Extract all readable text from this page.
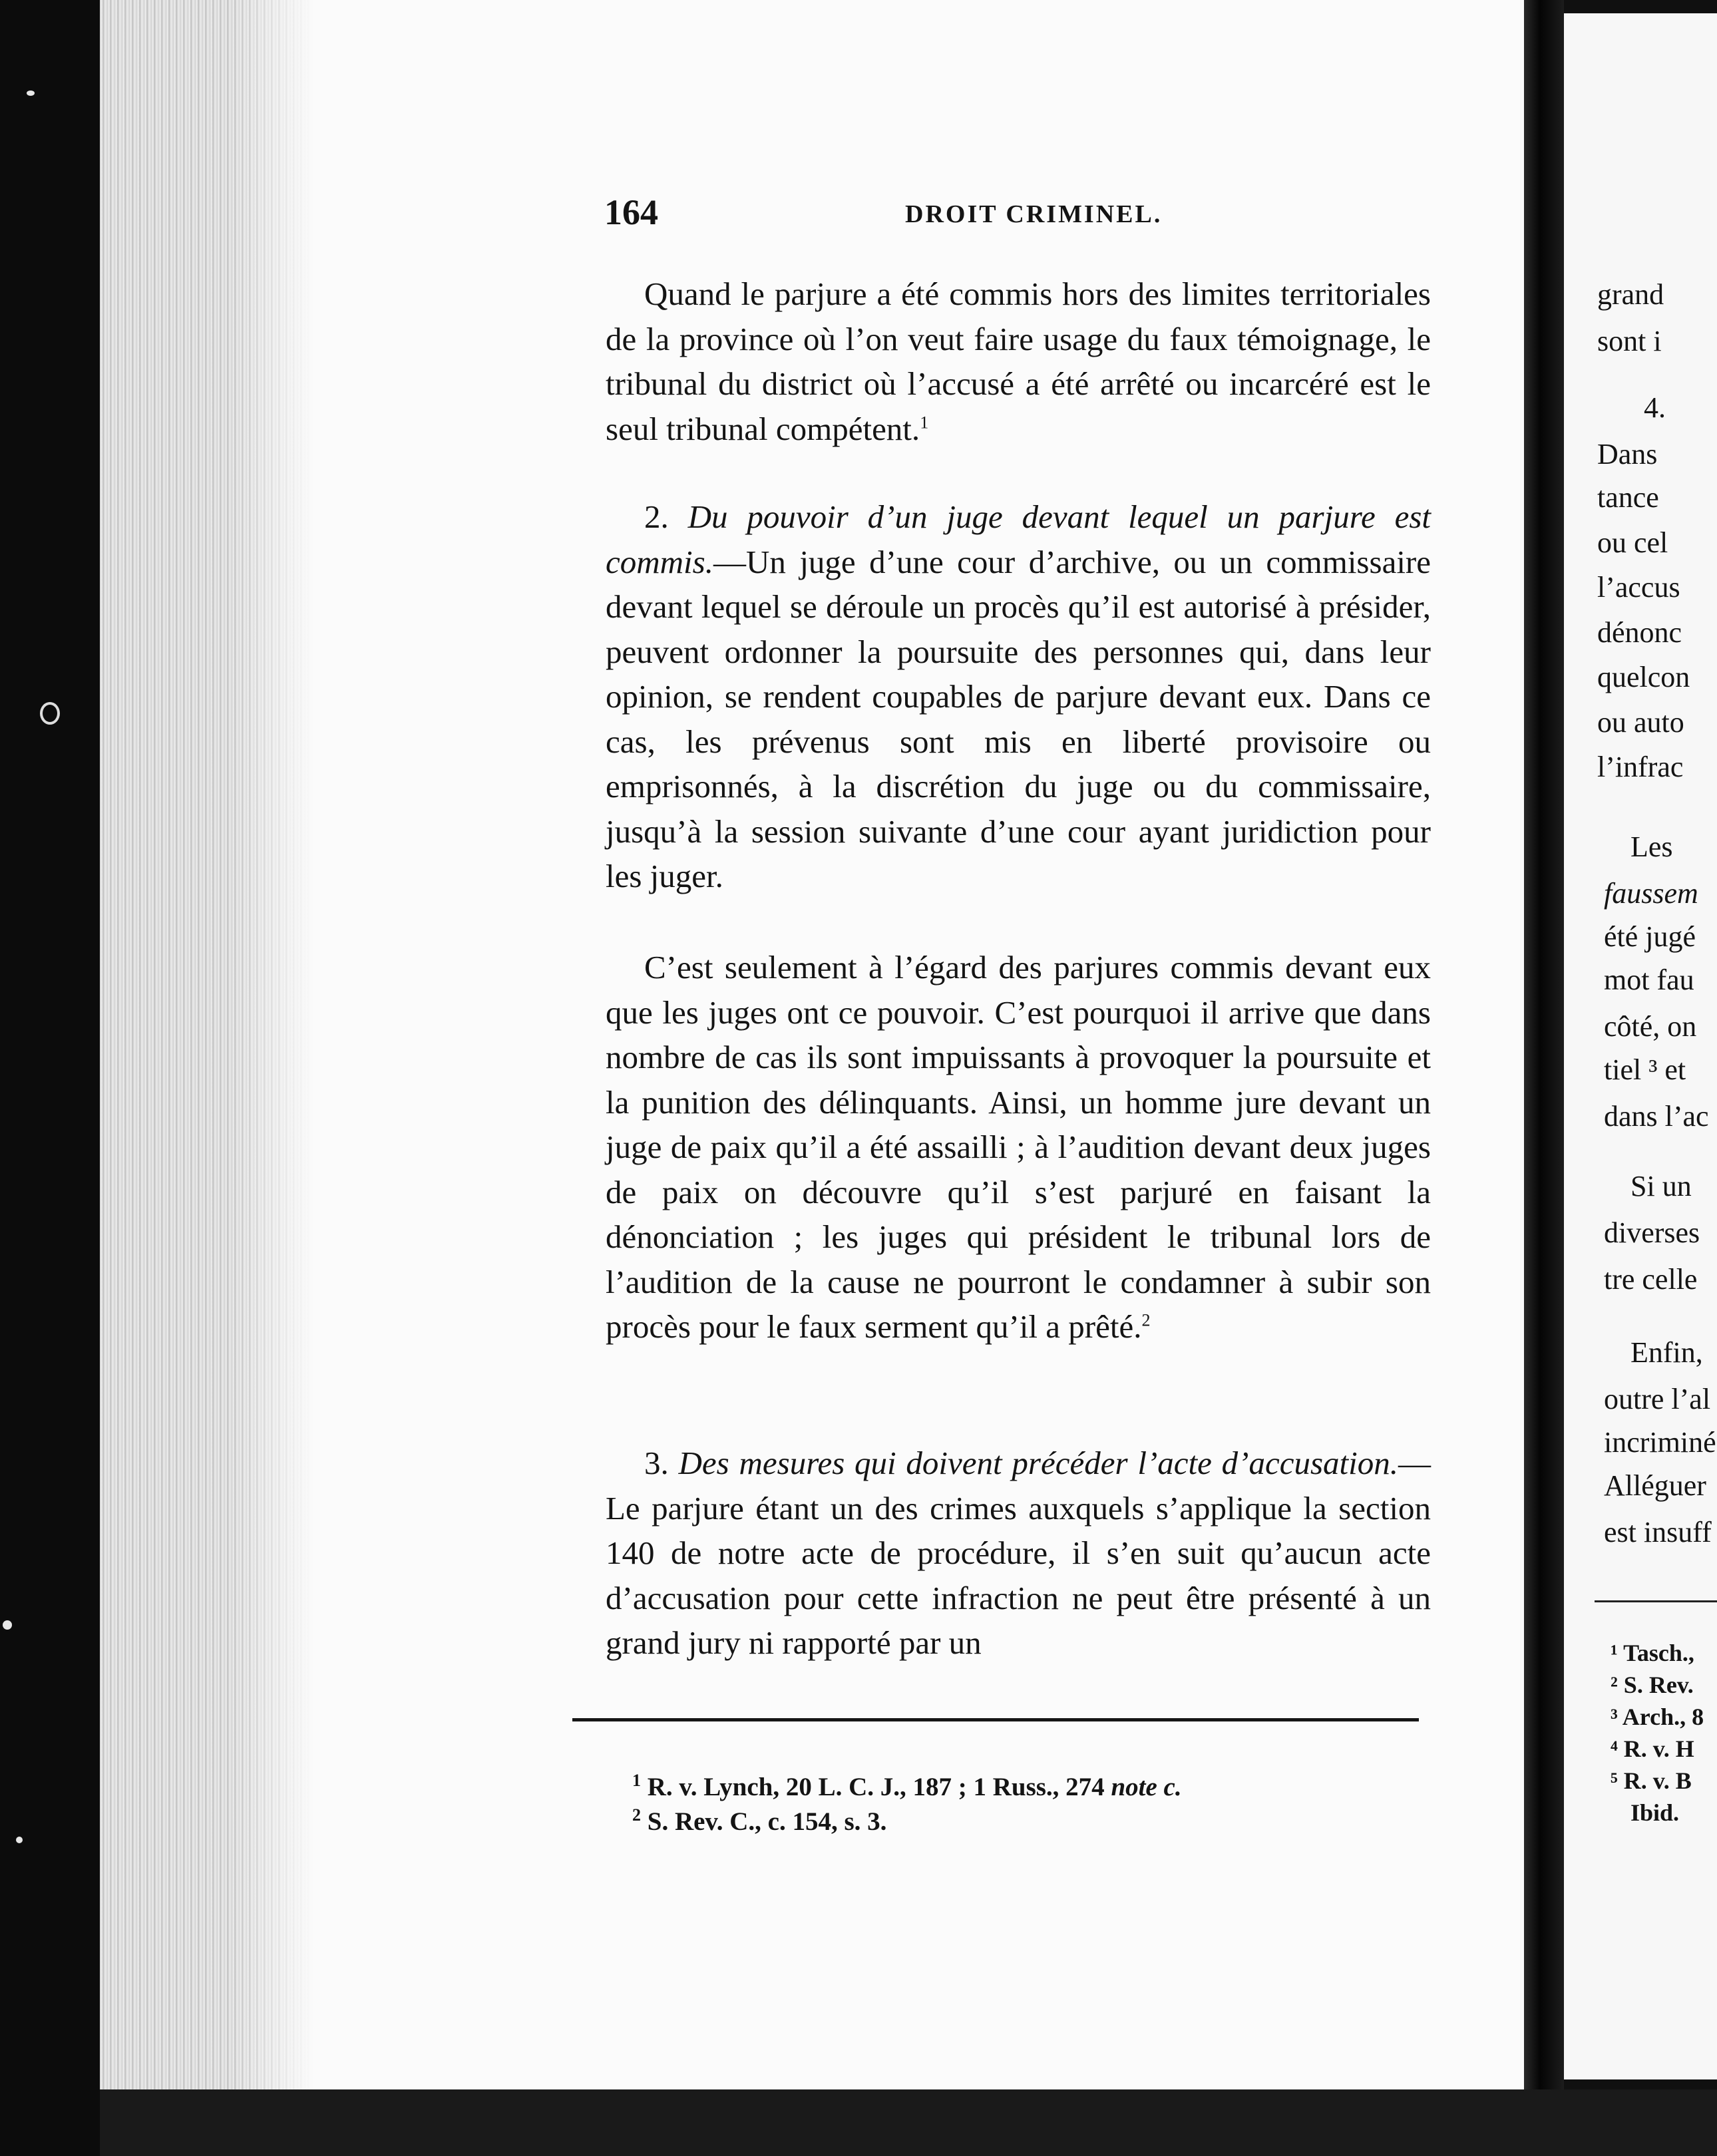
164	DROIT CRIMINEL.

Quand le parjure a été commis hors des limites territoriales de la province où l’on veut faire usage du faux témoignage, le tribunal du district où l’accusé a été arrêté ou incarcéré est le seul tribunal compétent.$^1$

2. Du pouvoir d’un juge devant lequel un parjure est commis.—Un juge d’une cour d’archive, ou un commissaire devant lequel se déroule un procès qu’il est autorisé à présider, peuvent ordonner la poursuite des personnes qui, dans leur opinion, se rendent coupables de parjure devant eux. Dans ce cas, les prévenus sont mis en liberté provisoire ou emprisonnés, à la discrétion du juge ou du commissaire, jusqu’à la session suivante d’une cour ayant juridiction pour les juger.

C’est seulement à l’égard des parjures commis devant eux que les juges ont ce pouvoir. C’est pourquoi il arrive que dans nombre de cas ils sont impuissants à provoquer la poursuite et la punition des délinquants. Ainsi, un homme jure devant un juge de paix qu’il a été assailli ; à l’audition devant deux juges de paix on découvre qu’il s’est parjuré en faisant la dénonciation ; les juges qui président le tribunal lors de l’audition de la cause ne pourront le condamner à subir son procès pour le faux serment qu’il a prêté.$^2$

3. Des mesures qui doivent précéder l’acte d’accusation.—Le parjure étant un des crimes auxquels s’applique la section 140 de notre acte de procédure, il s’en suit qu’aucun acte d’accusation pour cette infraction ne peut être présenté à un grand jury ni rapporté par un

$^1$ R. v. Lynch, 20 L. C. J., 187 ; 1 Russ., 274 note c.
$^2$ S. Rev. C., c. 154, s. 3.
grand
sont i
4.
Dans
tance
ou cel
l’accus
dénonc
quelcon
ou auto
l’infrac
Les
faussem
été jugé
mot fau
côté, on
tiel ³ et
dans l’ac
Si un
diverses
tre celle
Enfin,
outre l’al
incriminé
Alléguer
est insuff
¹ Tasch.,
² S. Rev.
³ Arch., 8
⁴ R. v. H
⁵ R. v. B
Ibid.
